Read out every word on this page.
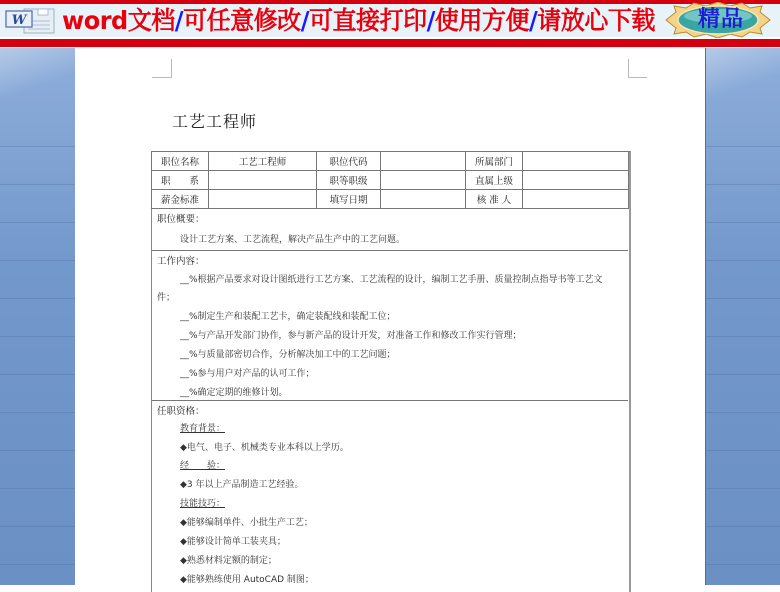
W word文档/可任意修改/可直接打印/使用方便/请放心下载	精品
工艺工程师
职位名称	工艺工程师	职位代码		所属部门	
职　　系		职等职级		直属上级	
薪金标准		填写日期		核 准 人	
职位概要：
设计工艺方案、工艺流程，解决产品生产中的工艺问题。
工作内容：
__%根据产品要求对设计图纸进行工艺方案、工艺流程的设计，编制工艺手册、质量控制点指导书等工艺文
件；
__%制定生产和装配工艺卡，确定装配线和装配工位；
__%与产品开发部门协作，参与新产品的设计开发，对准备工作和修改工作实行管理；
__%与质量部密切合作，分析解决加工中的工艺问题；
__%参与用户对产品的认可工作；
__%确定定期的维修计划。
任职资格：
教育背景：
◆电气、电子、机械类专业本科以上学历。
经　　验：
◆3 年以上产品制造工艺经验。
技能技巧：
◆能够编制单件、小批生产工艺；
◆能够设计简单工装夹具；
◆熟悉材料定额的制定；
◆能够熟练使用 AutoCAD 制图；
